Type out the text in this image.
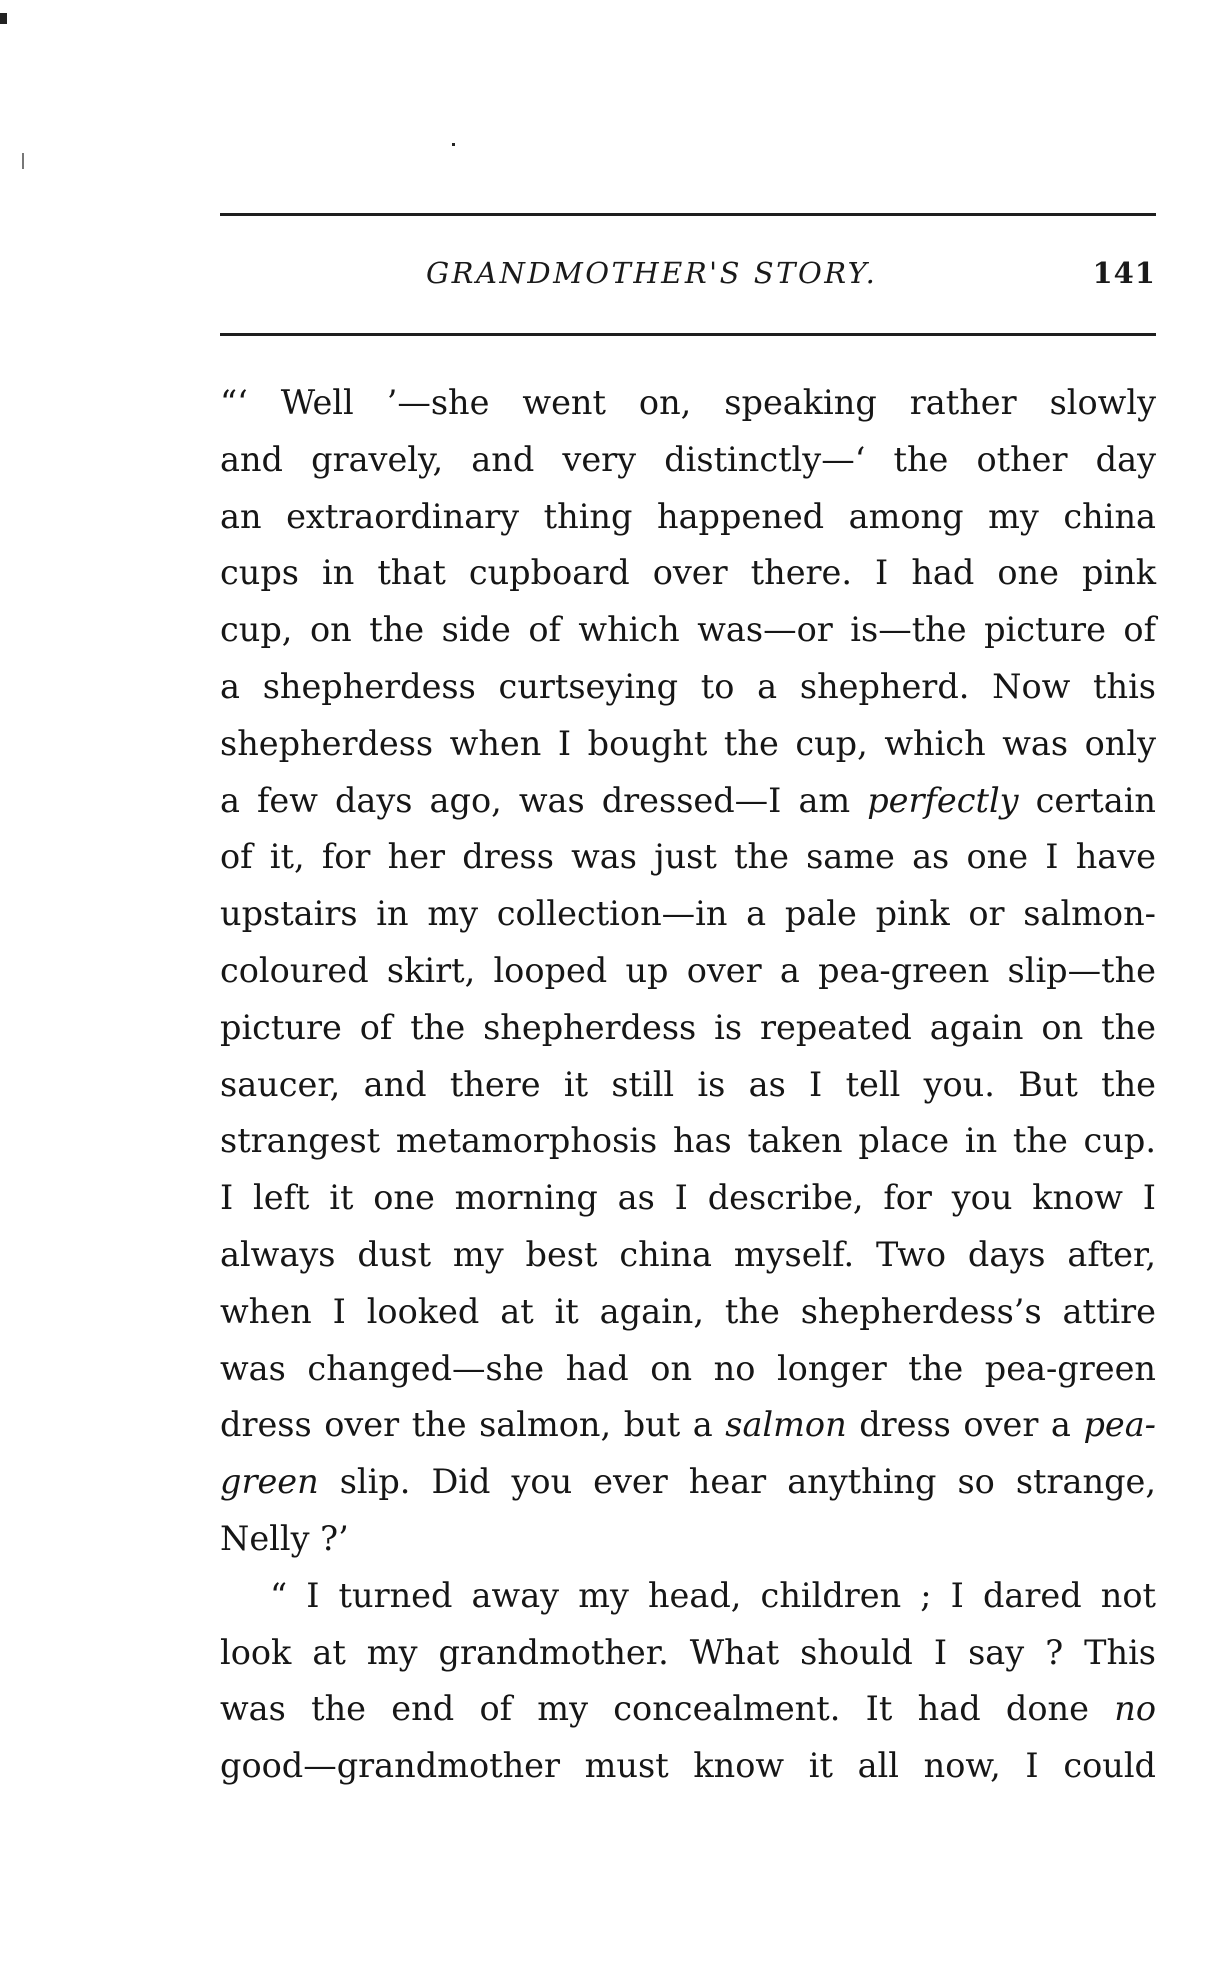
GRANDMOTHER'S STORY.	141
“‘ Well ’—she went on, speaking rather slowly
and gravely, and very distinctly—‘ the other day
an extraordinary thing happened among my china
cups in that cupboard over there. I had one pink
cup, on the side of which was—or is—the picture of
a shepherdess curtseying to a shepherd. Now this
shepherdess when I bought the cup, which was only
a few days ago, was dressed—I am perfectly certain
of it, for her dress was just the same as one I have
upstairs in my collection—in a pale pink or salmon-
coloured skirt, looped up over a pea-green slip—the
picture of the shepherdess is repeated again on the
saucer, and there it still is as I tell you. But the
strangest metamorphosis has taken place in the cup.
I left it one morning as I describe, for you know I
always dust my best china myself. Two days after,
when I looked at it again, the shepherdess’s attire
was changed—she had on no longer the pea-green
dress over the salmon, but a salmon dress over a pea-
green slip. Did you ever hear anything so strange,
Nelly ?’
“ I turned away my head, children ; I dared not
look at my grandmother. What should I say ? This
was the end of my concealment. It had done no
good—grandmother must know it all now, I could
